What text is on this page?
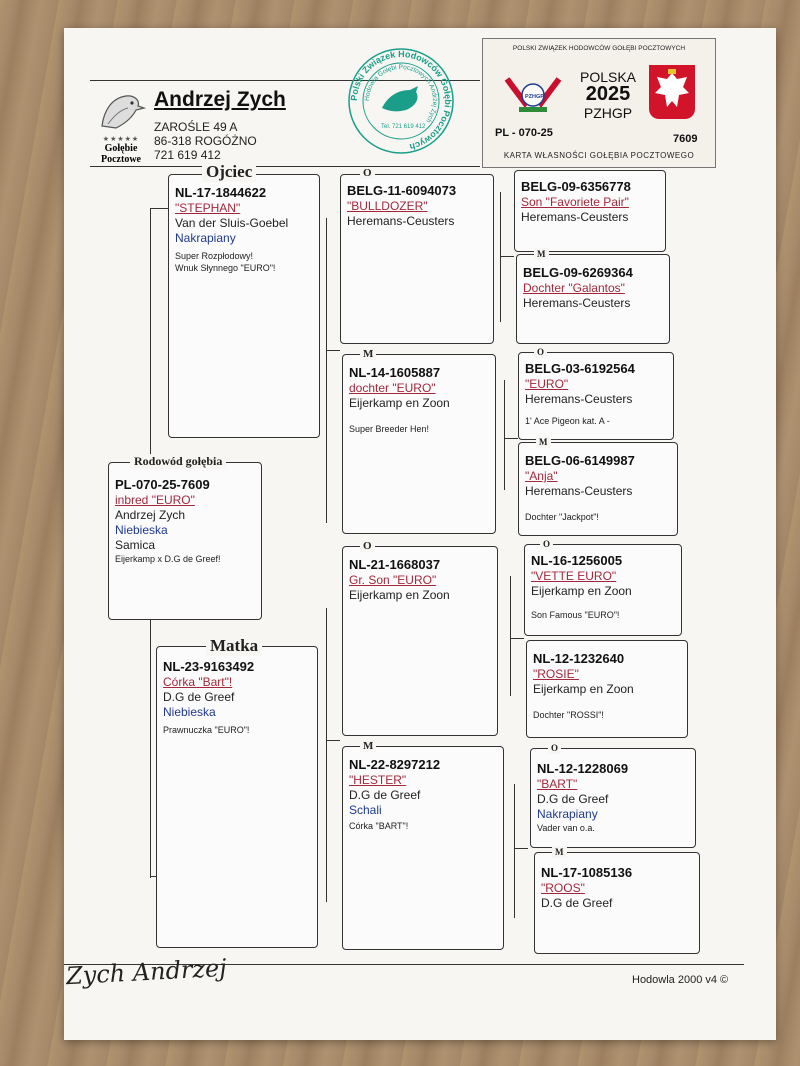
★★★★★
Gołębie
Pocztowe
Andrzej Zych
ZAROŚLE 49 A
86-318 ROGÓŻNO
721 619 412
Polski Związek Hodowców Gołębi Pocztowych
Hodowla Gołębi Pocztowych Andrzej Zych
Tel. 721 619 412
POLSKI ZWIĄZEK HODOWCÓW GOŁĘBI POCZTOWYCH
PZHGP
POLSKA
2025
PZHGP
PL - 070-25	7609
KARTA WŁASNOŚCI GOŁĘBIA POCZTOWEGO
PL-070-25-7609
inbred "EURO"
Andrzej Zych
Niebieska
Samica
Eijerkamp x D.G de Greef!
Rodowód gołębia
NL-17-1844622
"STEPHAN"
Van der Sluis-Goebel
Nakrapiany
Super Rozpłodowy!
Wnuk Słynnego "EURO"!
Ojciec
NL-23-9163492
Córka "Bart"!
D.G de Greef
Niebieska
Prawnuczka "EURO"!
Matka
BELG-11-6094073
"BULLDOZER"
Heremans-Ceusters
O
NL-14-1605887
dochter "EURO"
Eijerkamp en Zoon
Super Breeder Hen!
M
NL-21-1668037
Gr. Son "EURO"
Eijerkamp en Zoon
O
NL-22-8297212
"HESTER"
D.G de Greef
Schali
Córka "BART"!
M
BELG-09-6356778
Son "Favoriete Pair"
Heremans-Ceusters
BELG-09-6269364
Dochter "Galantos"
Heremans-Ceusters
M
BELG-03-6192564
"EURO"
Heremans-Ceusters
1' Ace Pigeon kat. A -
O
BELG-06-6149987
"Anja"
Heremans-Ceusters
Dochter "Jackpot"!
M
NL-16-1256005
"VETTE EURO"
Eijerkamp en Zoon
Son Famous "EURO"!
O
NL-12-1232640
"ROSIE"
Eijerkamp en Zoon
Dochter "ROSSI"!
NL-12-1228069
"BART"
D.G de Greef
Nakrapiany
Vader van o.a.
O
NL-17-1085136
"ROOS"
D.G de Greef
M
Zych Andrzej	Hodowla 2000 v4 ©
